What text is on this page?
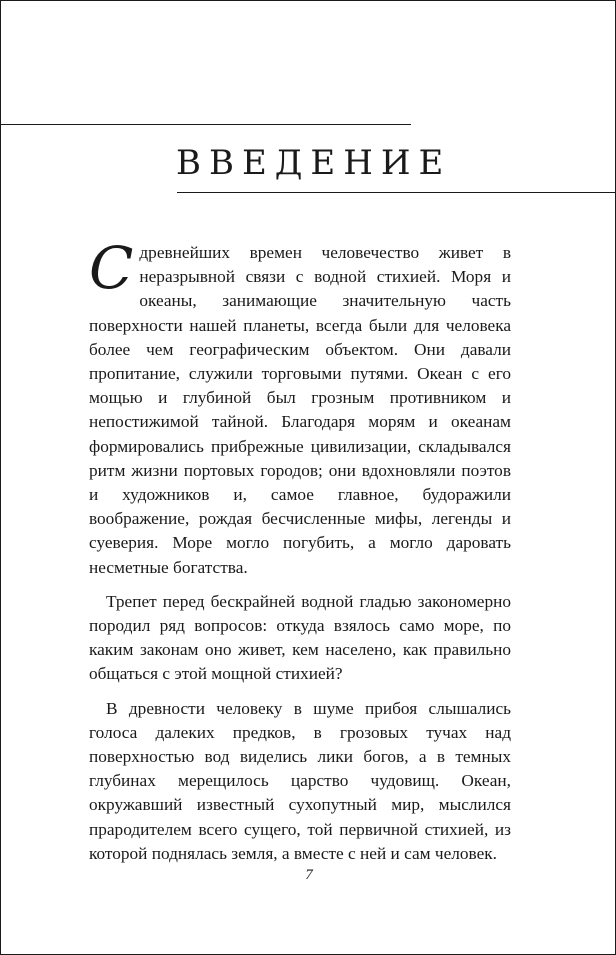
ВВЕДЕНИЕ

Сдревнейших времен человечество живет в неразрывной связи с водной стихией. Моря и океаны, занимающие значительную часть поверхности нашей планеты, всегда были для человека более чем географическим объектом. Они давали пропитание, служили торговыми путями. Океан с его мощью и глубиной был грозным противником и непостижимой тайной. Благодаря морям и океанам формировались прибрежные цивилизации, складывался ритм жизни портовых городов; они вдохновляли поэтов и художников и, самое главное, будоражили воображение, рождая бесчисленные мифы, легенды и суеверия. Море могло погубить, а могло даровать несметные богатства.

Трепет перед бескрайней водной гладью закономерно породил ряд вопросов: откуда взялось само море, по каким законам оно живет, кем населено, как правильно общаться с этой мощной стихией?

В древности человеку в шуме прибоя слышались голоса далеких предков, в грозовых тучах над поверхностью вод виделись лики богов, а в темных глубинах мерещилось царство чудовищ. Океан, окружавший известный сухопутный мир, мыслился прародителем всего сущего, той первичной стихией, из которой поднялась земля, а вместе с ней и сам человек.

7
